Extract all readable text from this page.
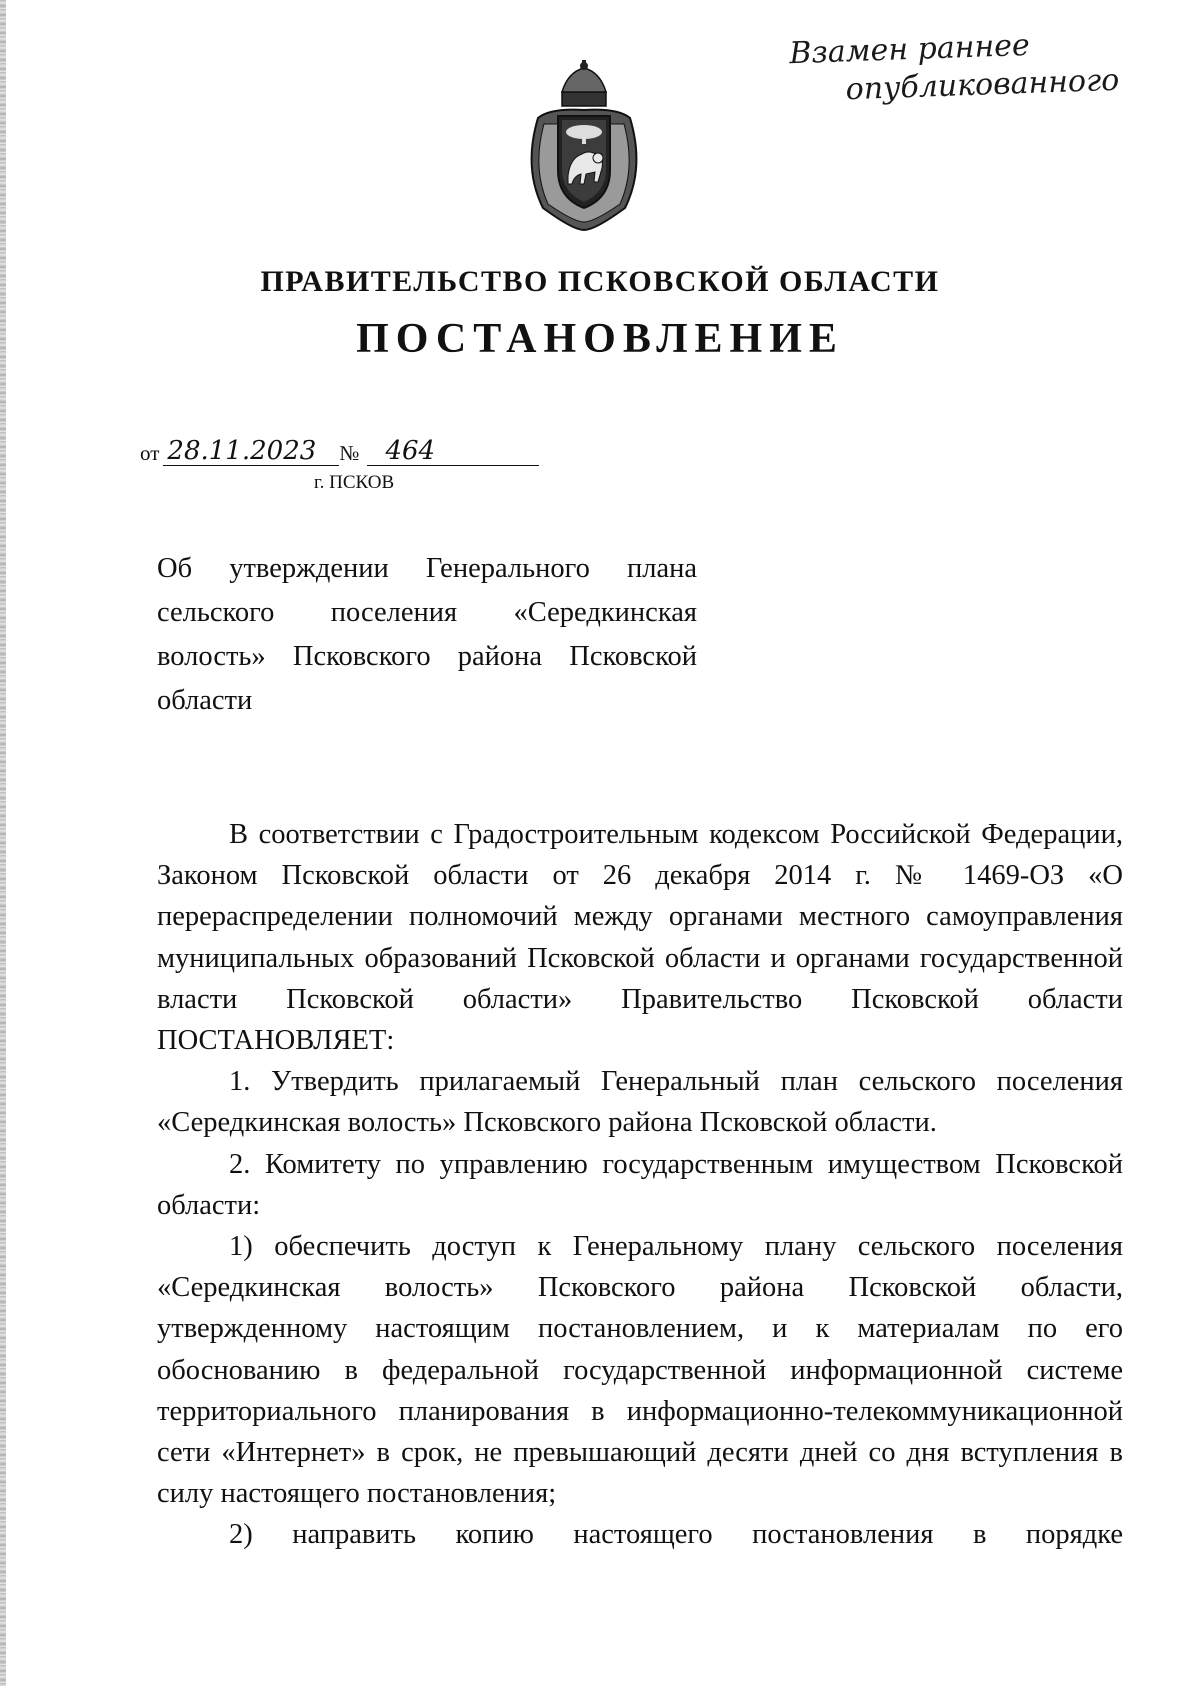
Взамен раннее
опубликованного
ПРАВИТЕЛЬСТВО ПСКОВСКОЙ ОБЛАСТИ
ПОСТАНОВЛЕНИЕ
от 28.11.2023	№	464
г. ПСКОВ
Об утверждении Генерального плана сельского поселения «Середкинская волость» Псковского района Псковской области

В соответствии с Градостроительным кодексом Российской Федерации, Законом Псковской области от 26 декабря 2014 г. № 1469-ОЗ «О перераспределении полномочий между органами местного самоуправления муниципальных образований Псковской области и органами государственной власти Псковской области» Правительство Псковской области ПОСТАНОВЛЯЕТ:

1. Утвердить прилагаемый Генеральный план сельского поселения «Середкинская волость» Псковского района Псковской области.

2. Комитету по управлению государственным имуществом Псковской области:

1) обеспечить доступ к Генеральному плану сельского поселения «Середкинская волость» Псковского района Псковской области, утвержденному настоящим постановлением, и к материалам по его обоснованию в федеральной государственной информационной системе территориального планирования в информационно-телекоммуникационной сети «Интернет» в срок, не превышающий десяти дней со дня вступления в силу настоящего постановления;

2) направить копию настоящего постановления в порядке
